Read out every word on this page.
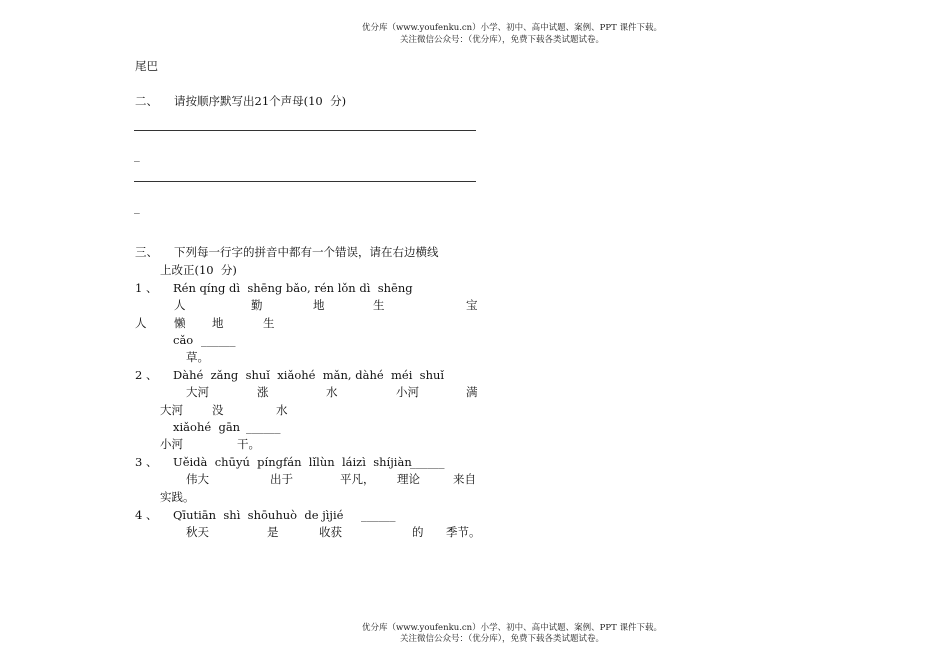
优分库（www.youfenku.cn）小学、初中、高中试题、案例、PPT 课件下载。
关注微信公众号：（优分库），免费下载各类试题试卷。
尾巴
二、 请按顺序默写出21个声母(10  分)
_
_
三、 下列每一行字的拼音中都有一个错误，请在右边横线
上改正(10  分)
1 、 Rén qíng dì  shēng bǎo, rén lǒn dì  shēng
人	勤	地	生	宝
人 懒 地	生
cǎo ______
草。
2 、 Dàhé  zǎng  shuǐ  xiǎohé  mǎn, dàhé  méi  shuǐ
大河	涨	水	小河	满
大河	没	水
xiǎohé  gān ______
小河	干。
3 、 Uěidà  chūyú  píngfán  lǐlùn  láizì  shíjiàn
______
伟大	出于	平凡， 理论	来自
实践。
4 、 Qīutiān  shì  shōuhuò  de jìjié ______
秋天	是	收获	的 季节。
优分库（www.youfenku.cn）小学、初中、高中试题、案例、PPT 课件下载。
关注微信公众号：（优分库），免费下载各类试题试卷。
